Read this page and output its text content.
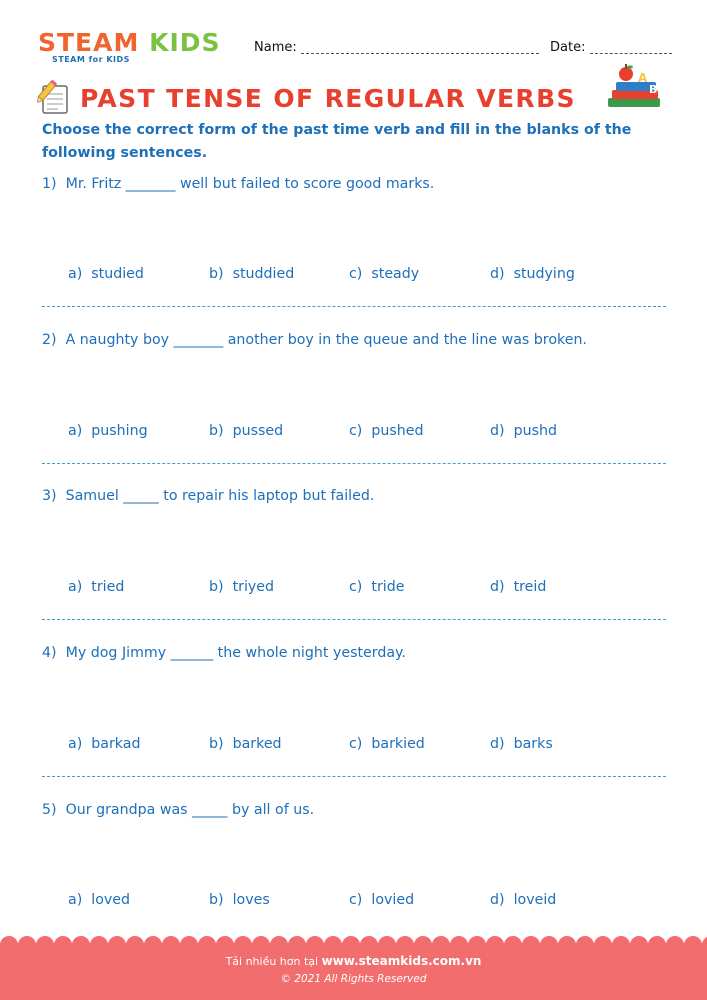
STEAM KIDS
STEAM for KIDS
Name:	Date:
PAST TENSE OF REGULAR VERBS
A
B
Choose the correct form of the past time verb and fill in the blanks of the following sentences.
1) Mr. Fritz _______ well but failed to score good marks.
a) studied	b) studdied	c) steady	d) studying
2) A naughty boy _______ another boy in the queue and the line was broken.
a) pushing	b) pussed	c) pushed	d) pushd
3) Samuel _____ to repair his laptop but failed.
a) tried	b) triyed	c) tride	d) treid
4) My dog Jimmy ______ the whole night yesterday.
a) barkad	b) barked	c) barkied	d) barks
5) Our grandpa was _____ by all of us.
a) loved	b) loves	c) lovied	d) loveid
Tải nhiều hơn tại www.steamkids.com.vn
© 2021 All Rights Reserved
